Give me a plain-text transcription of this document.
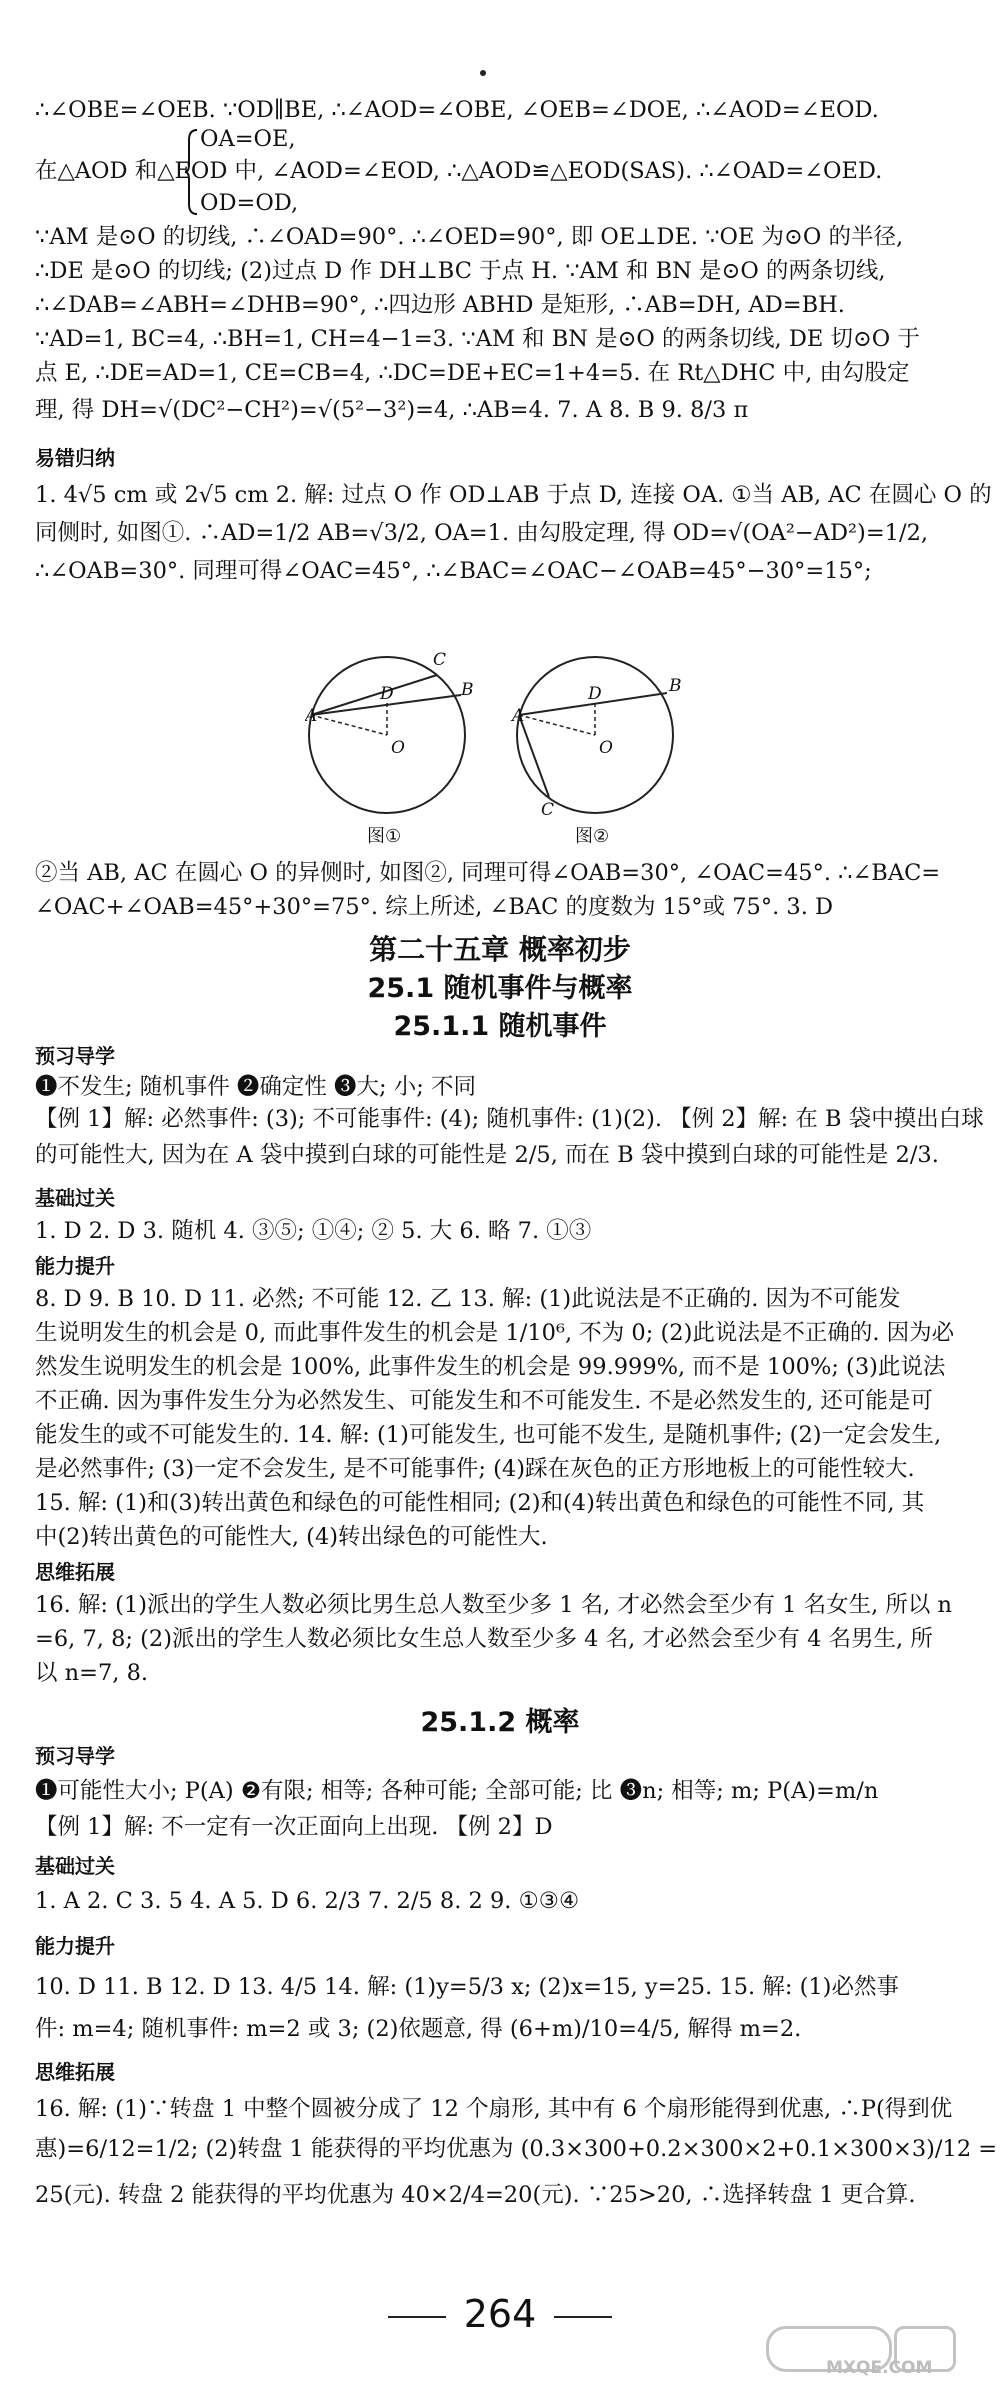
∴∠OBE=∠OEB. ∵OD∥BE, ∴∠AOD=∠OBE, ∠OEB=∠DOE, ∴∠AOD=∠EOD.
OA=OE,
在△AOD 和△EOD 中, ∠AOD=∠EOD, ∴△AOD≌△EOD(SAS). ∴∠OAD=∠OED.
OD=OD,
∵AM 是⊙O 的切线, ∴∠OAD=90°. ∴∠OED=90°, 即 OE⊥DE. ∵OE 为⊙O 的半径,
∴DE 是⊙O 的切线; (2)过点 D 作 DH⊥BC 于点 H. ∵AM 和 BN 是⊙O 的两条切线,
∴∠DAB=∠ABH=∠DHB=90°, ∴四边形 ABHD 是矩形, ∴AB=DH, AD=BH.
∵AD=1, BC=4, ∴BH=1, CH=4−1=3. ∵AM 和 BN 是⊙O 的两条切线, DE 切⊙O 于
点 E, ∴DE=AD=1, CE=CB=4, ∴DC=DE+EC=1+4=5. 在 Rt△DHC 中, 由勾股定
理, 得 DH=√(DC²−CH²)=√(5²−3²)=4, ∴AB=4. 7. A 8. B 9. 8/3 π
易错归纳
1. 4√5 cm 或 2√5 cm 2. 解: 过点 O 作 OD⊥AB 于点 D, 连接 OA. ①当 AB, AC 在圆心 O 的
同侧时, 如图①. ∴AD=1/2 AB=√3/2, OA=1. 由勾股定理, 得 OD=√(OA²−AD²)=1/2,
∴∠OAB=30°. 同理可得∠OAC=45°, ∴∠BAC=∠OAC−∠OAB=45°−30°=15°;
A
B
C
D
O
A
B
C
D
O
图①	图②
②当 AB, AC 在圆心 O 的异侧时, 如图②, 同理可得∠OAB=30°, ∠OAC=45°. ∴∠BAC=
∠OAC+∠OAB=45°+30°=75°. 综上所述, ∠BAC 的度数为 15°或 75°. 3. D
第二十五章 概率初步
25.1 随机事件与概率
25.1.1 随机事件
预习导学
❶不发生; 随机事件 ❷确定性 ❸大; 小; 不同
【例 1】解: 必然事件: (3); 不可能事件: (4); 随机事件: (1)(2). 【例 2】解: 在 B 袋中摸出白球
的可能性大, 因为在 A 袋中摸到白球的可能性是 2/5, 而在 B 袋中摸到白球的可能性是 2/3.
基础过关
1. D 2. D 3. 随机 4. ③⑤; ①④; ② 5. 大 6. 略 7. ①③
能力提升
8. D 9. B 10. D 11. 必然; 不可能 12. 乙 13. 解: (1)此说法是不正确的. 因为不可能发
生说明发生的机会是 0, 而此事件发生的机会是 1/10⁶, 不为 0; (2)此说法是不正确的. 因为必
然发生说明发生的机会是 100%, 此事件发生的机会是 99.999%, 而不是 100%; (3)此说法
不正确. 因为事件发生分为必然发生、可能发生和不可能发生. 不是必然发生的, 还可能是可
能发生的或不可能发生的. 14. 解: (1)可能发生, 也可能不发生, 是随机事件; (2)一定会发生,
是必然事件; (3)一定不会发生, 是不可能事件; (4)踩在灰色的正方形地板上的可能性较大.
15. 解: (1)和(3)转出黄色和绿色的可能性相同; (2)和(4)转出黄色和绿色的可能性不同, 其
中(2)转出黄色的可能性大, (4)转出绿色的可能性大.
思维拓展
16. 解: (1)派出的学生人数必须比男生总人数至少多 1 名, 才必然会至少有 1 名女生, 所以 n
=6, 7, 8; (2)派出的学生人数必须比女生总人数至少多 4 名, 才必然会至少有 4 名男生, 所
以 n=7, 8.
25.1.2 概率
预习导学
❶可能性大小; P(A) ❷有限; 相等; 各种可能; 全部可能; 比 ❸n; 相等; m; P(A)=m/n
【例 1】解: 不一定有一次正面向上出现. 【例 2】D
基础过关
1. A 2. C 3. 5 4. A 5. D 6. 2/3 7. 2/5 8. 2 9. ①③④
能力提升
10. D 11. B 12. D 13. 4/5 14. 解: (1)y=5/3 x; (2)x=15, y=25. 15. 解: (1)必然事
件: m=4; 随机事件: m=2 或 3; (2)依题意, 得 (6+m)/10=4/5, 解得 m=2.
思维拓展
16. 解: (1)∵转盘 1 中整个圆被分成了 12 个扇形, 其中有 6 个扇形能得到优惠, ∴P(得到优
惠)=6/12=1/2; (2)转盘 1 能获得的平均优惠为 (0.3×300+0.2×300×2+0.1×300×3)/12 =
25(元). 转盘 2 能获得的平均优惠为 40×2/4=20(元). ∵25>20, ∴选择转盘 1 更合算.
264
MXQE.COM
